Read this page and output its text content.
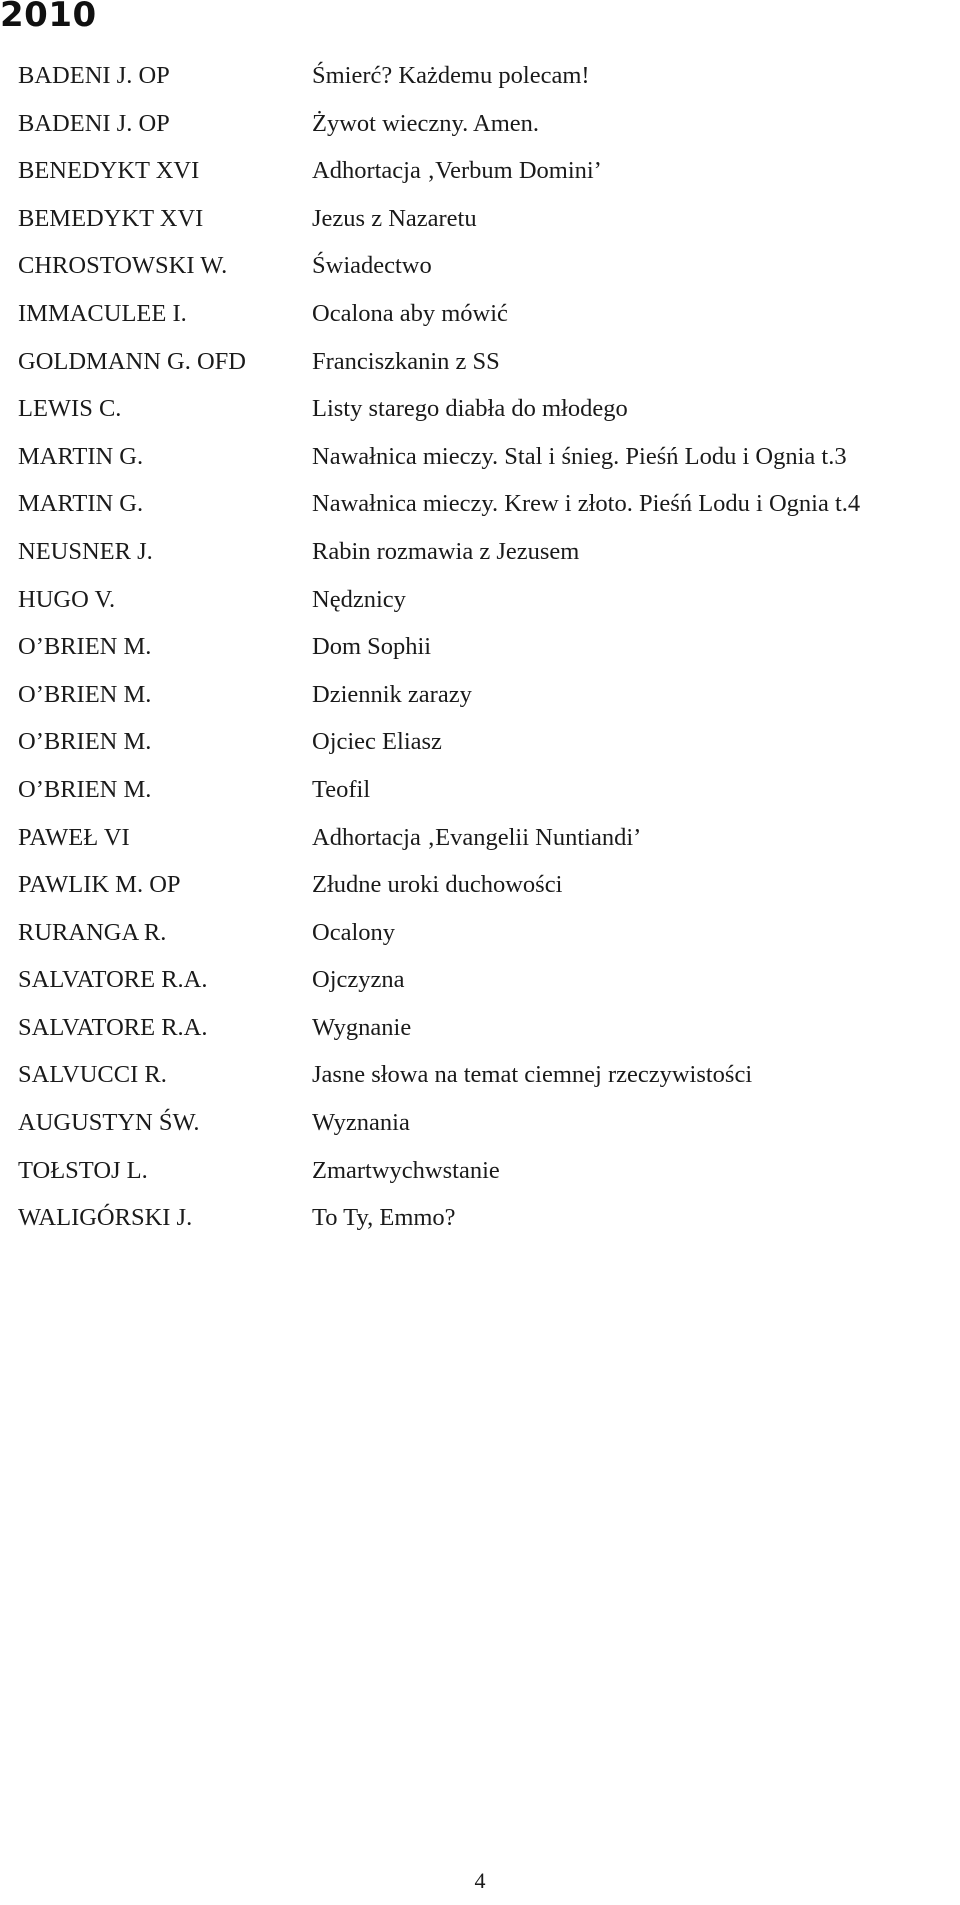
2010
BADENI J. OP	Śmierć? Każdemu polecam!
BADENI J. OP	Żywot wieczny. Amen.
BENEDYKT XVI	Adhortacja ‚Verbum Domini’
BEMEDYKT XVI	Jezus z Nazaretu
CHROSTOWSKI W.	Świadectwo
IMMACULEE I.	Ocalona aby mówić
GOLDMANN G. OFD	Franciszkanin z SS
LEWIS C.	Listy starego diabła do młodego
MARTIN G.	Nawałnica mieczy. Stal i śnieg. Pieśń Lodu i Ognia t.3
MARTIN G.	Nawałnica mieczy. Krew i złoto. Pieśń Lodu i Ognia t.4
NEUSNER J.	Rabin rozmawia z Jezusem
HUGO V.	Nędznicy
O’BRIEN M.	Dom Sophii
O’BRIEN M.	Dziennik zarazy
O’BRIEN M.	Ojciec Eliasz
O’BRIEN M.	Teofil
PAWEŁ VI	Adhortacja ‚Evangelii Nuntiandi’
PAWLIK M. OP	Złudne uroki duchowości
RURANGA R.	Ocalony
SALVATORE R.A.	Ojczyzna
SALVATORE R.A.	Wygnanie
SALVUCCI R.	Jasne słowa na temat ciemnej rzeczywistości
AUGUSTYN ŚW.	Wyznania
TOŁSTOJ L.	Zmartwychwstanie
WALIGÓRSKI J.	To Ty, Emmo?
4
